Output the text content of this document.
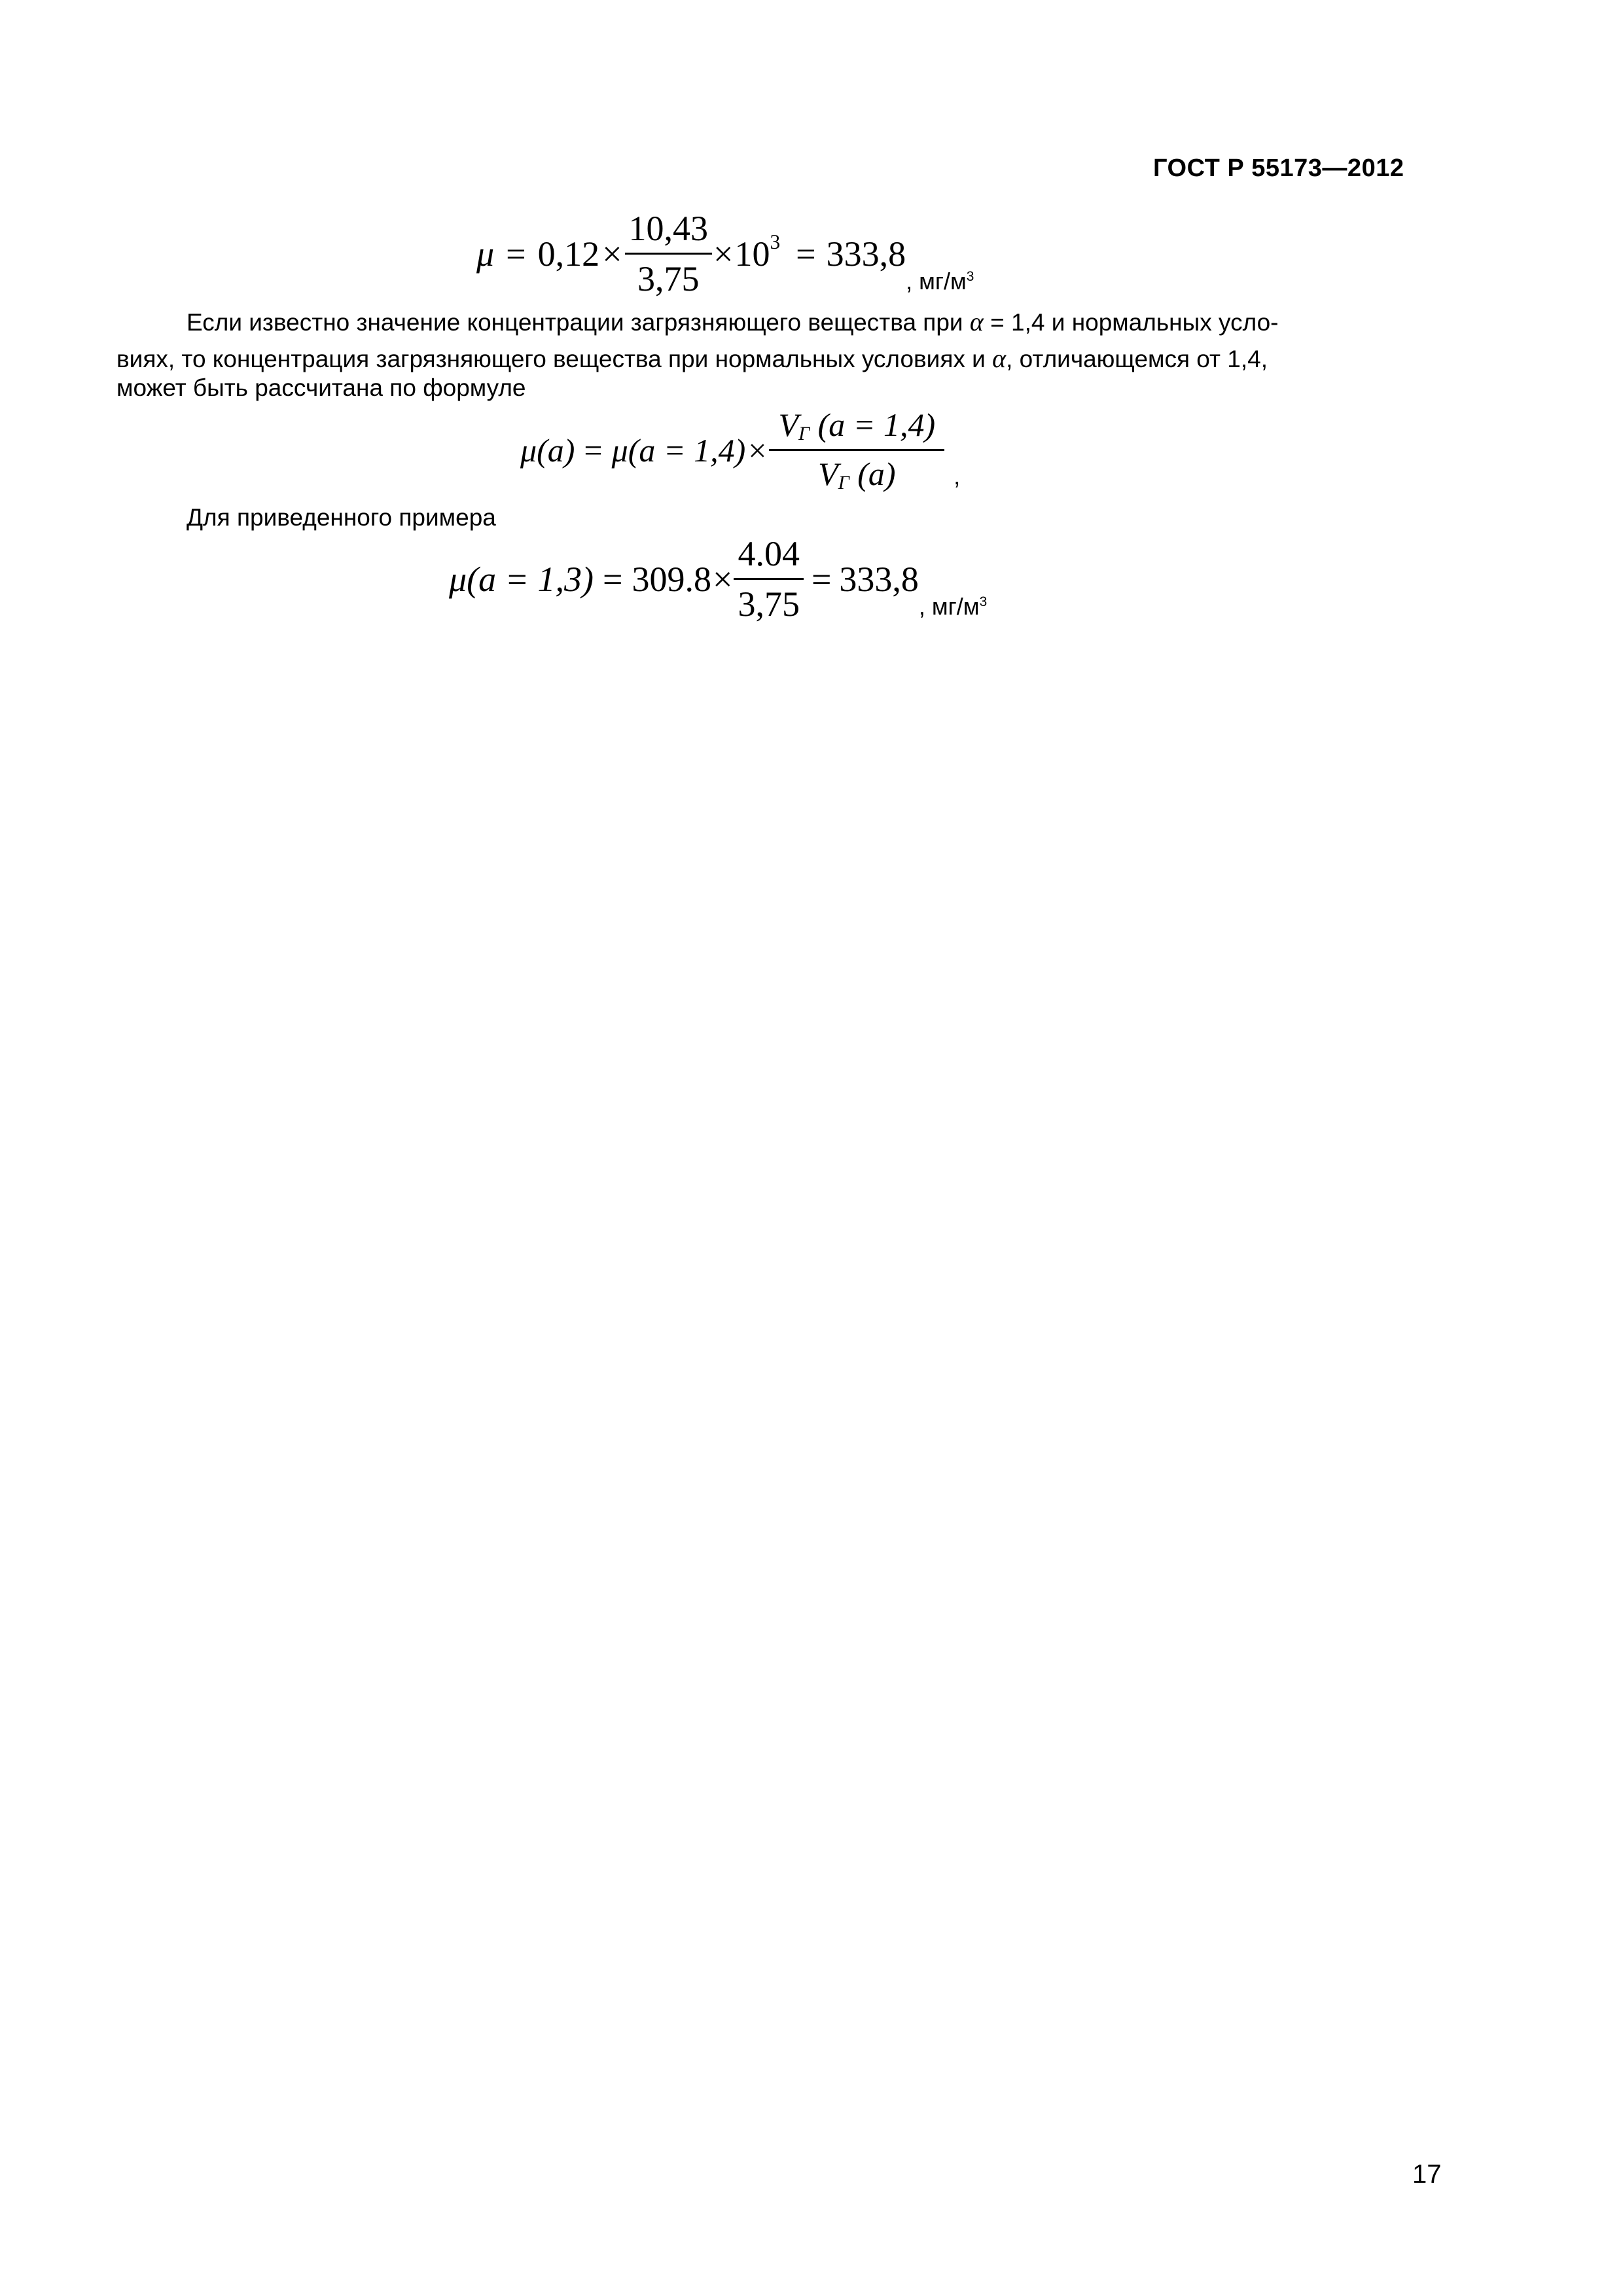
ГОСТ Р 55173—2012
$\mu = 0,12 \times \frac{10,43}{3,75} \times 10^3 = 333,8$
, $мг/м^3$
Если известно значение концентрации загрязняющего вещества при α = 1,4 и нормальных усло-
виях, то концентрация загрязняющего вещества при нормальных условиях и α, отличающемся от 1,4,
может быть рассчитана по формуле
$\mu(a) = \mu(a = 1,4) \times \frac{VГ (a = 1,4)}{VГ (a)}$ ,
Для приведенного примера
$\mu(a = 1,3) = 309.8 \times \frac{4.04}{3,75} = 333,8$
, $мг/м^3$
17
